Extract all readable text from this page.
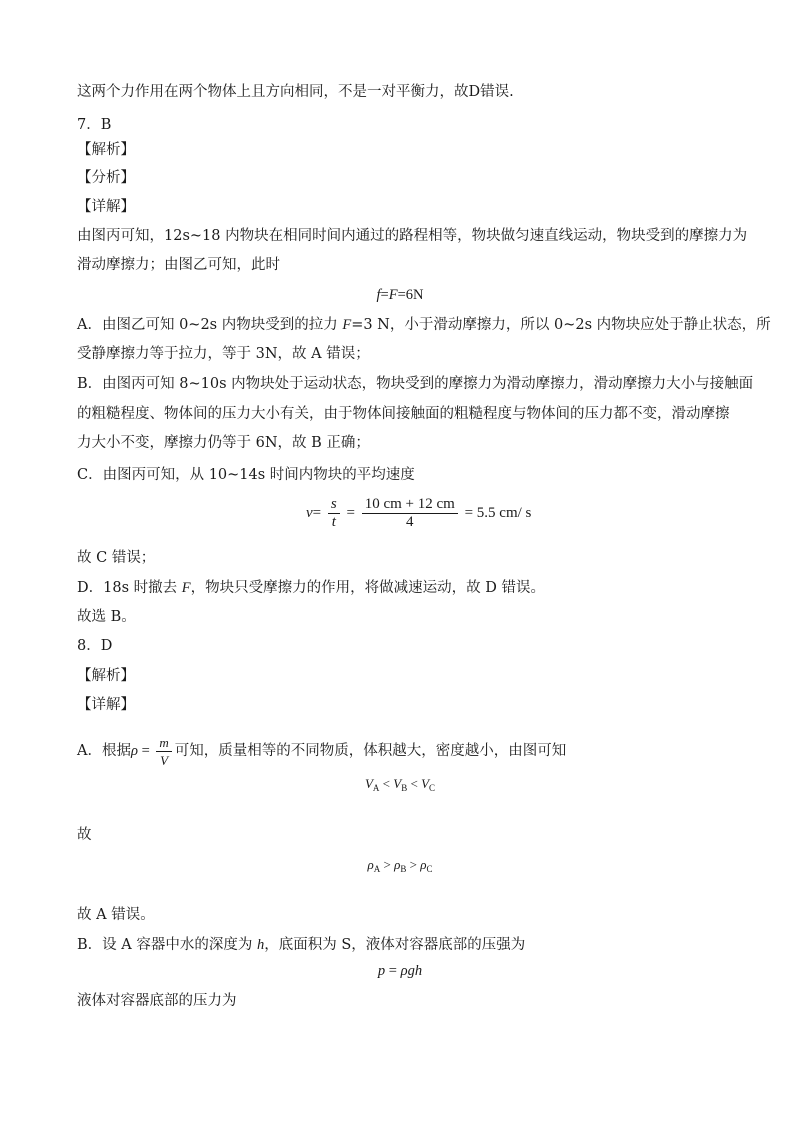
这两个力作用在两个物体上且方向相同，不是一对平衡力，故D错误.
7．B
【解析】
【分析】
【详解】
由图丙可知，12s~18 内物块在相同时间内通过的路程相等，物块做匀速直线运动，物块受到的摩擦力为
滑动摩擦力；由图乙可知，此时
f=F=6N
A．由图乙可知 0~2s 内物块受到的拉力 F=3 N，小于滑动摩擦力，所以 0~2s 内物块应处于静止状态，所
受静摩擦力等于拉力，等于 3N，故 A 错误；
B．由图丙可知 8~10s 内物块处于运动状态，物块受到的摩擦力为滑动摩擦力，滑动摩擦力大小与接触面
的粗糙程度、物体间的压力大小有关，由于物体间接触面的粗糙程度与物体间的压力都不变，滑动摩擦
力大小不变，摩擦力仍等于 6N，故 B 正确；
C．由图丙可知，从 10~14s 时间内物块的平均速度
$v= \frac{s}{t} = \frac{10 cm + 12 cm}{4} = 5.5$ cm/ s
故 C 错误；
D．18s 时撤去 F，物块只受摩擦力的作用，将做减速运动，故 D 错误。
故选 B。
8．D
【解析】
【详解】
A．根据$\rho = \frac{m}{V}$ 可知，质量相等的不同物质，体积越大，密度越小，由图可知
$V_A < V_B < V_C$
故
$\rho_A > \rho_B > \rho_C$
故 A 错误。
B．设 A 容器中水的深度为 h，底面积为 S，液体对容器底部的压强为
p = ρgh
液体对容器底部的压力为
